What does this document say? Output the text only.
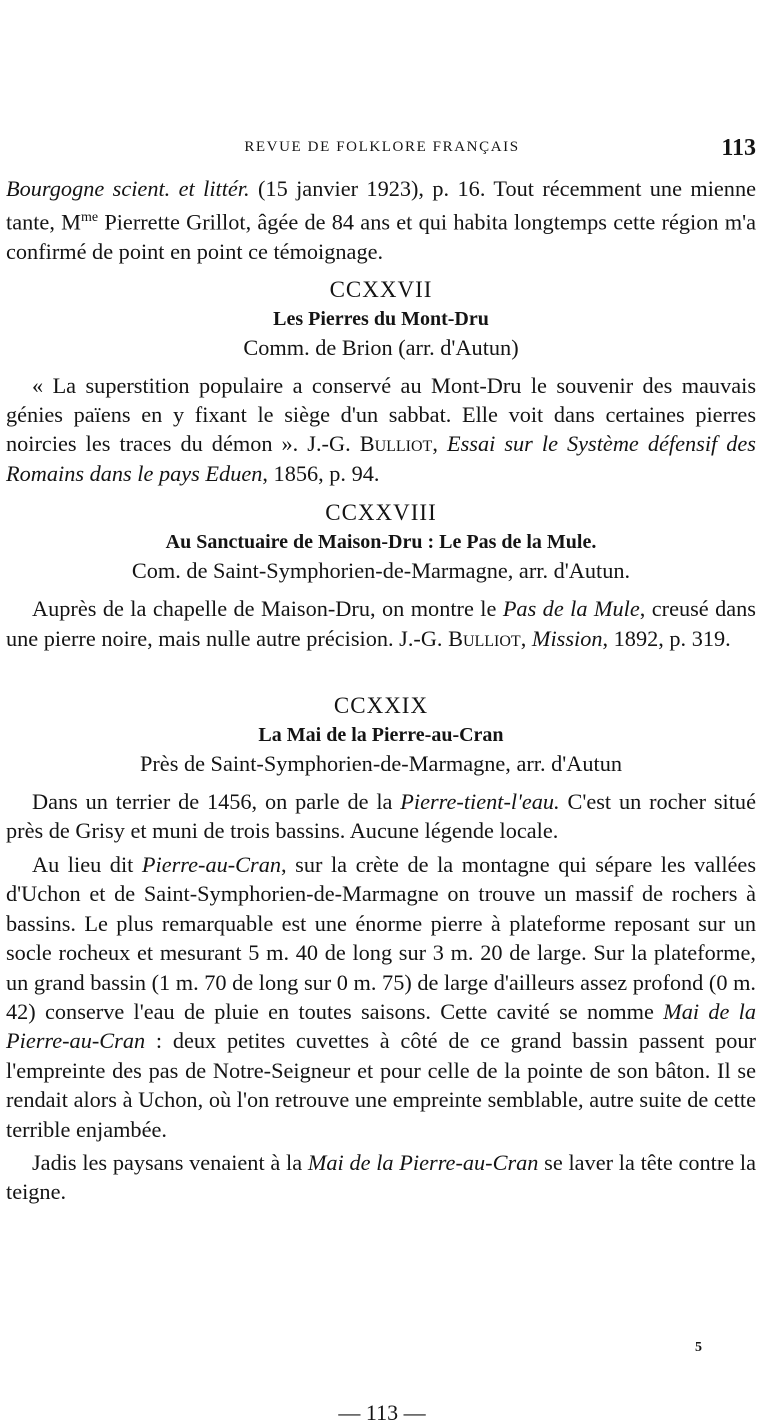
REVUE DE FOLKLORE FRANÇAIS	113

Bourgogne scient. et littér. (15 janvier 1923), p. 16. Tout récemment une mienne tante, $M^{me}$ Pierrette Grillot, âgée de 84 ans et qui habita longtemps cette région m'a confirmé de point en point ce témoignage.

CCXXVII
Les Pierres du Mont-Dru
Comm. de Brion (arr. d'Autun)

« La superstition populaire a conservé au Mont-Dru le souvenir des mauvais génies païens en y fixant le siège d'un sabbat. Elle voit dans certaines pierres noircies les traces du démon ». J.-G. Bulliot, Essai sur le Système défensif des Romains dans le pays Eduen, 1856, p. 94.

CCXXVIII
Au Sanctuaire de Maison-Dru : Le Pas de la Mule.
Com. de Saint-Symphorien-de-Marmagne, arr. d'Autun.

Auprès de la chapelle de Maison-Dru, on montre le Pas de la Mule, creusé dans une pierre noire, mais nulle autre précision. J.-G. Bulliot, Mission, 1892, p. 319.

CCXXIX
La Mai de la Pierre-au-Cran
Près de Saint-Symphorien-de-Marmagne, arr. d'Autun

Dans un terrier de 1456, on parle de la Pierre-tient-l'eau. C'est un rocher situé près de Grisy et muni de trois bassins. Aucune légende locale.

Au lieu dit Pierre-au-Cran, sur la crète de la montagne qui sépare les vallées d'Uchon et de Saint-Symphorien-de-Marmagne on trouve un massif de rochers à bassins. Le plus remarquable est une énorme pierre à plateforme reposant sur un socle rocheux et mesurant 5 m. 40 de long sur 3 m. 20 de large. Sur la plateforme, un grand bassin (1 m. 70 de long sur 0 m. 75) de large d'ailleurs assez profond (0 m. 42) conserve l'eau de pluie en toutes saisons. Cette cavité se nomme Mai de la Pierre-au-Cran : deux petites cuvettes à côté de ce grand bassin passent pour l'empreinte des pas de Notre-Seigneur et pour celle de la pointe de son bâton. Il se rendait alors à Uchon, où l'on retrouve une empreinte semblable, autre suite de cette terrible enjambée.

Jadis les paysans venaient à la Mai de la Pierre-au-Cran se laver la tête contre la teigne.

5
— 113 —
